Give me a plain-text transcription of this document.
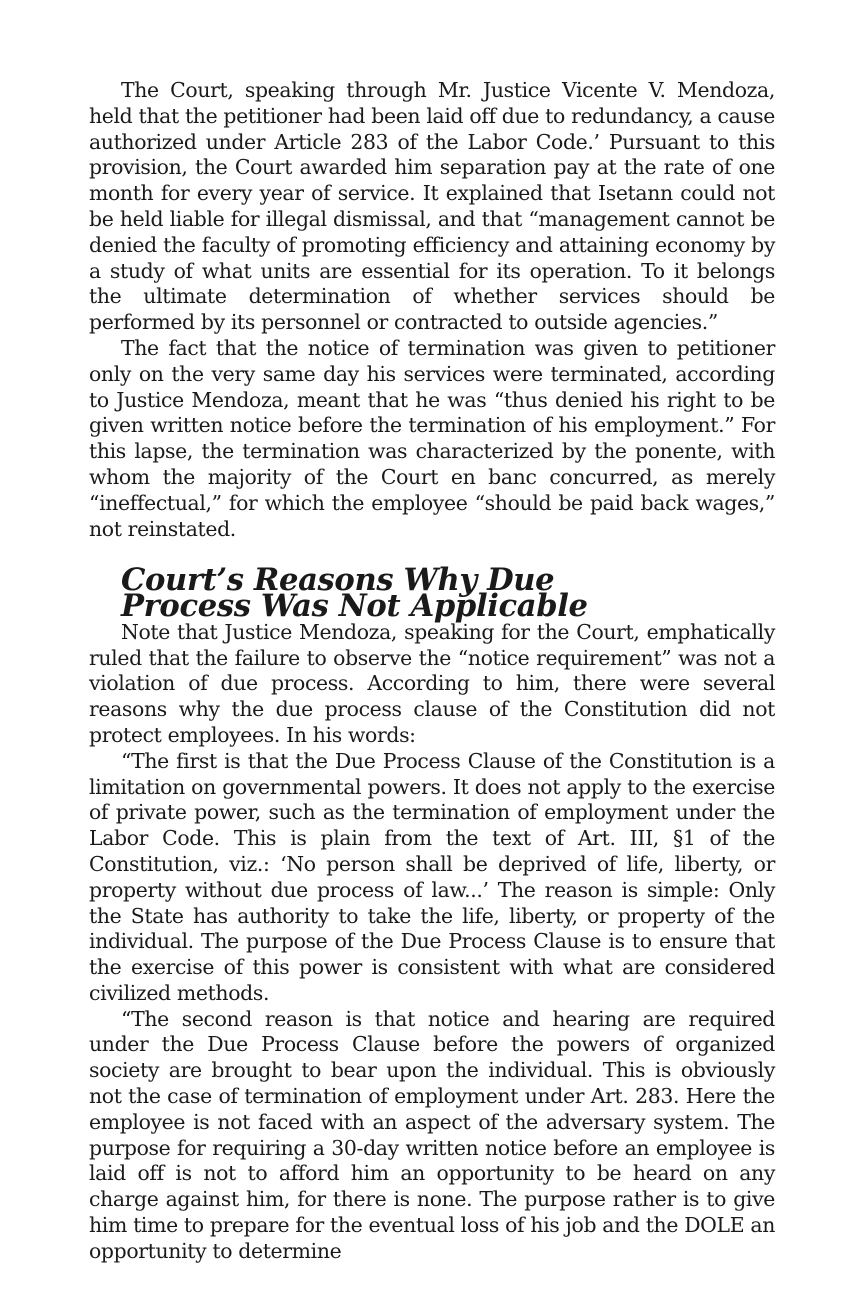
The Court, speaking through Mr. Justice Vicente V. Mendoza, held that the petitioner had been laid off due to redundancy, a cause authorized under Article 283 of the Labor Code.’ Pursuant to this provision, the Court awarded him separation pay at the rate of one month for every year of service. It explained that Isetann could not be held liable for illegal dismissal, and that “management cannot be denied the faculty of promoting efficiency and attaining economy by a study of what units are essential for its operation. To it belongs the ultimate determination of whether services should be performed by its personnel or contracted to outside agencies.”

The fact that the notice of termination was given to petitioner only on the very same day his services were terminated, according to Justice Mendoza, meant that he was “thus denied his right to be given written notice before the termination of his employment.” For this lapse, the termination was characterized by the ponente, with whom the majority of the Court en banc concurred, as merely “ineffectual,” for which the employee “should be paid back wages,” not reinstated.

Court’s Reasons Why Due
Process Was Not Applicable

Note that Justice Mendoza, speaking for the Court, emphatically ruled that the failure to observe the “notice requirement” was not a violation of due process. According to him, there were several reasons why the due process clause of the Constitution did not protect employees. In his words:

“The first is that the Due Process Clause of the Constitution is a limitation on governmental powers. It does not apply to the exercise of private power, such as the termination of employment under the Labor Code. This is plain from the text of Art. III, §1 of the Constitution, viz.: ‘No person shall be deprived of life, liberty, or property without due process of law...’ The reason is simple: Only the State has authority to take the life, liberty, or property of the individual. The purpose of the Due Process Clause is to ensure that the exercise of this power is consistent with what are considered civilized methods.

“The second reason is that notice and hearing are required under the Due Process Clause before the powers of organized society are brought to bear upon the individual. This is obviously not the case of termination of employment under Art. 283. Here the employee is not faced with an aspect of the adversary system. The purpose for requiring a 30-day written notice before an employee is laid off is not to afford him an opportunity to be heard on any charge against him, for there is none. The purpose rather is to give him time to prepare for the eventual loss of his job and the DOLE an opportunity to determine
